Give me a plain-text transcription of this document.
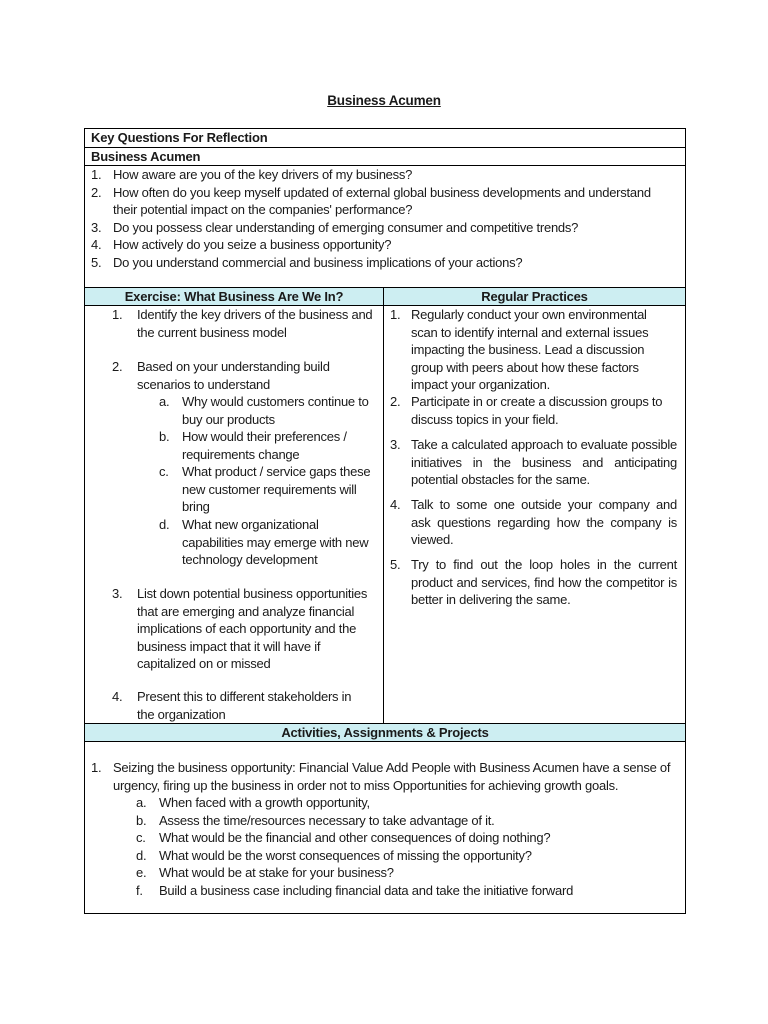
Business Acumen
Key Questions For Reflection
Business Acumen
1. How aware are you of the key drivers of my business?
2. How often do you keep myself updated of external global business developments and understand their potential impact on the companies' performance?
3. Do you possess clear understanding of emerging consumer and competitive trends?
4. How actively do you seize a business opportunity?
5. Do you understand commercial and business implications of your actions?
Exercise: What Business Are We In?	Regular Practices
1. Identify the key drivers of the business and the current business model
2. Based on your understanding build scenarios to understand
a. Why would customers continue to buy our products
b. How would their preferences / requirements change
c. What product / service gaps these new customer requirements will bring
d. What new organizational capabilities may emerge with new technology development
3. List down potential business opportunities that are emerging and analyze financial implications of each opportunity and the business impact that it will have if capitalized on or missed
4. Present this to different stakeholders in the organization
1. Regularly conduct your own environmental scan to identify internal and external issues impacting the business. Lead a discussion group with peers about how these factors impact your organization.
2. Participate in or create a discussion groups to discuss topics in your field.
3. Take a calculated approach to evaluate possible initiatives in the business and anticipating potential obstacles for the same.
4. Talk to some one outside your company and ask questions regarding how the company is viewed.
5. Try to find out the loop holes in the current product and services, find how the competitor is better in delivering the same.
Activities, Assignments & Projects
1. Seizing the business opportunity: Financial Value Add People with Business Acumen have a sense of urgency, firing up the business in order not to miss Opportunities for achieving growth goals.
a. When faced with a growth opportunity,
b. Assess the time/resources necessary to take advantage of it.
c. What would be the financial and other consequences of doing nothing?
d. What would be the worst consequences of missing the opportunity?
e. What would be at stake for your business?
f. Build a business case including financial data and take the initiative forward
